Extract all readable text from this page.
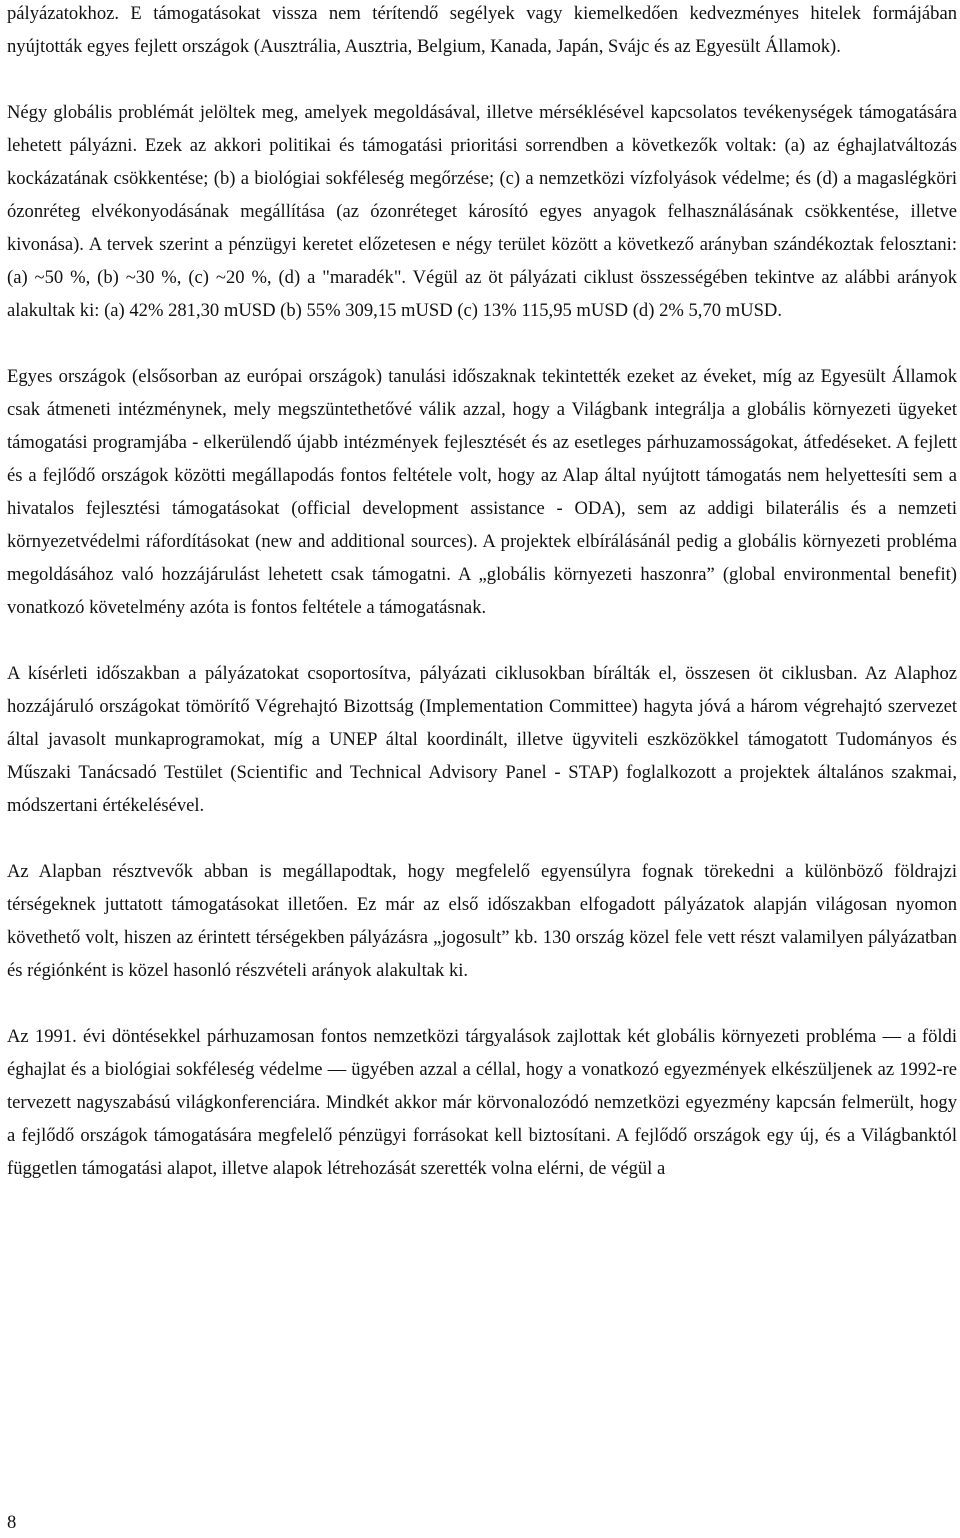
pályázatokhoz. E támogatásokat vissza nem térítendő segélyek vagy kiemelkedően kedvezményes hitelek formájában nyújtották egyes fejlett országok (Ausztrália, Ausztria, Belgium, Kanada, Japán, Svájc és az Egyesült Államok).

Négy globális problémát jelöltek meg, amelyek megoldásával, illetve mérséklésével kapcsolatos tevékenységek támogatására lehetett pályázni. Ezek az akkori politikai és támogatási prioritási sorrendben a következők voltak: (a) az éghajlatváltozás kockázatának csökkentése; (b) a biológiai sokféleség megőrzése; (c) a nemzetközi vízfolyások védelme; és (d) a magaslégköri ózonréteg elvékonyodásának megállítása (az ózonréteget károsító egyes anyagok felhasználásának csökkentése, illetve kivonása). A tervek szerint a pénzügyi keretet előzetesen e négy terület között a következő arányban szándékoztak felosztani: (a) ~50 %, (b) ~30 %, (c) ~20 %, (d) a "maradék". Végül az öt pályázati ciklust összességében tekintve az alábbi arányok alakultak ki: (a) 42% 281,30 mUSD (b) 55% 309,15 mUSD (c) 13% 115,95 mUSD (d) 2% 5,70 mUSD.

Egyes országok (elsősorban az európai országok) tanulási időszaknak tekintették ezeket az éveket, míg az Egyesült Államok csak átmeneti intézménynek, mely megszüntethetővé válik azzal, hogy a Világbank integrálja a globális környezeti ügyeket támogatási programjába - elkerülendő újabb intézmények fejlesztését és az esetleges párhuzamosságokat, átfedéseket. A fejlett és a fejlődő országok közötti megállapodás fontos feltétele volt, hogy az Alap által nyújtott támogatás nem helyettesíti sem a hivatalos fejlesztési támogatásokat (official development assistance - ODA), sem az addigi bilaterális és a nemzeti környezetvédelmi ráfordításokat (new and additional sources). A projektek elbírálásánál pedig a globális környezeti probléma megoldásához való hozzájárulást lehetett csak támogatni. A „globális környezeti haszonra” (global environmental benefit) vonatkozó követelmény azóta is fontos feltétele a támogatásnak.

A kísérleti időszakban a pályázatokat csoportosítva, pályázati ciklusokban bírálták el, összesen öt ciklusban. Az Alaphoz hozzájáruló országokat tömörítő Végrehajtó Bizottság (Implementation Committee) hagyta jóvá a három végrehajtó szervezet által javasolt munkaprogramokat, míg a UNEP által koordinált, illetve ügyviteli eszközökkel támogatott Tudományos és Műszaki Tanácsadó Testület (Scientific and Technical Advisory Panel - STAP) foglalkozott a projektek általános szakmai, módszertani értékelésével.

Az Alapban résztvevők abban is megállapodtak, hogy megfelelő egyensúlyra fognak törekedni a különböző földrajzi térségeknek juttatott támogatásokat illetően. Ez már az első időszakban elfogadott pályázatok alapján világosan nyomon követhető volt, hiszen az érintett térségekben pályázásra „jogosult” kb. 130 ország közel fele vett részt valamilyen pályázatban és régiónként is közel hasonló részvételi arányok alakultak ki.

Az 1991. évi döntésekkel párhuzamosan fontos nemzetközi tárgyalások zajlottak két globális környezeti probléma — a földi éghajlat és a biológiai sokféleség védelme — ügyében azzal a céllal, hogy a vonatkozó egyezmények elkészüljenek az 1992-re tervezett nagyszabású világkonferenciára. Mindkét akkor már körvonalozódó nemzetközi egyezmény kapcsán felmerült, hogy a fejlődő országok támogatására megfelelő pénzügyi forrásokat kell biztosítani. A fejlődő országok egy új, és a Világbanktól független támogatási alapot, illetve alapok létrehozását szerették volna elérni, de végül a

8
